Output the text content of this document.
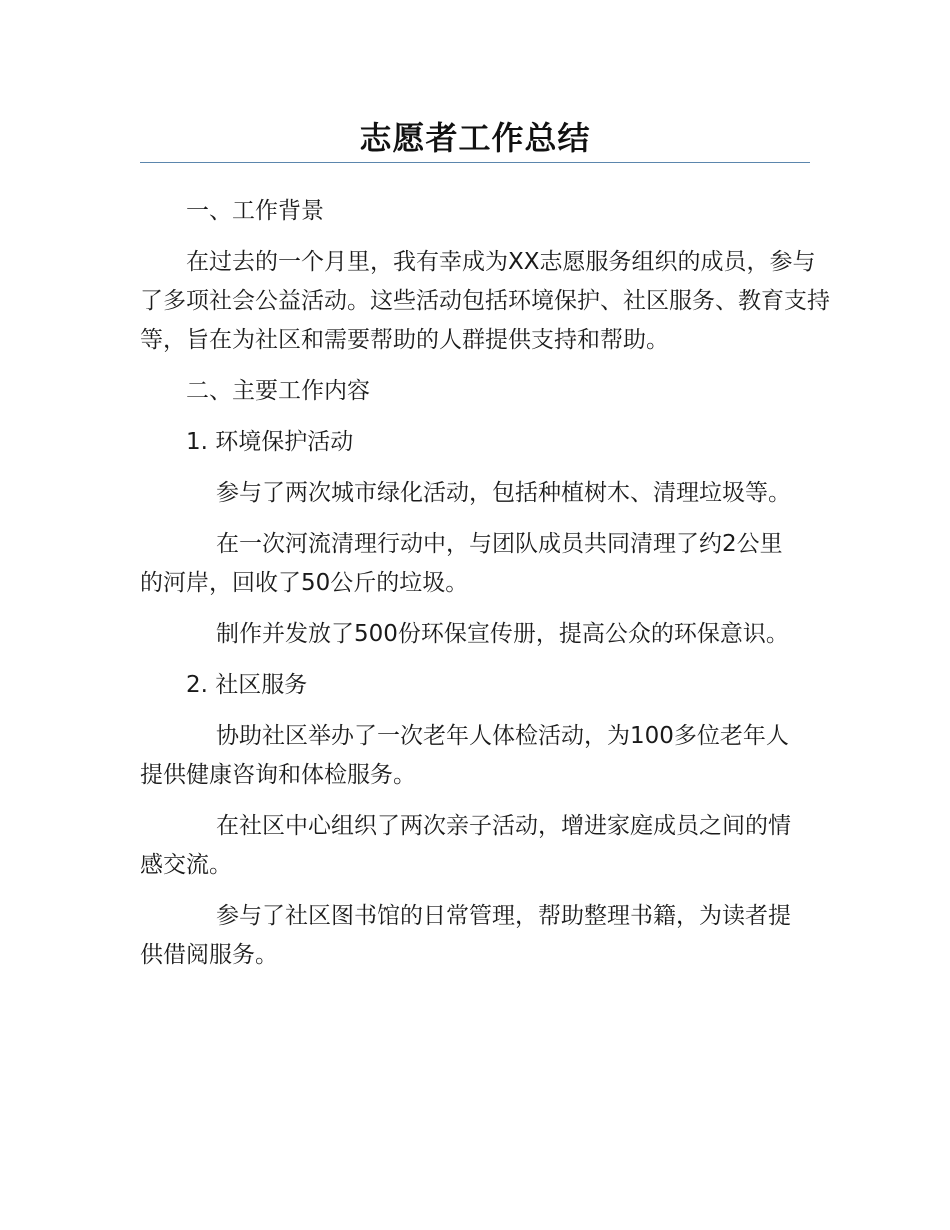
志愿者工作总结

一、工作背景

在过去的一个月里，我有幸成为XX志愿服务组织的成员，参与了多项社会公益活动。这些活动包括环境保护、社区服务、教育支持等，旨在为社区和需要帮助的人群提供支持和帮助。

二、主要工作内容

1. 环境保护活动

参与了两次城市绿化活动，包括种植树木、清理垃圾等。

在一次河流清理行动中，与团队成员共同清理了约2公里的河岸，回收了50公斤的垃圾。

制作并发放了500份环保宣传册，提高公众的环保意识。

2. 社区服务

协助社区举办了一次老年人体检活动，为100多位老年人提供健康咨询和体检服务。

在社区中心组织了两次亲子活动，增进家庭成员之间的情感交流。

参与了社区图书馆的日常管理，帮助整理书籍，为读者提供借阅服务。
